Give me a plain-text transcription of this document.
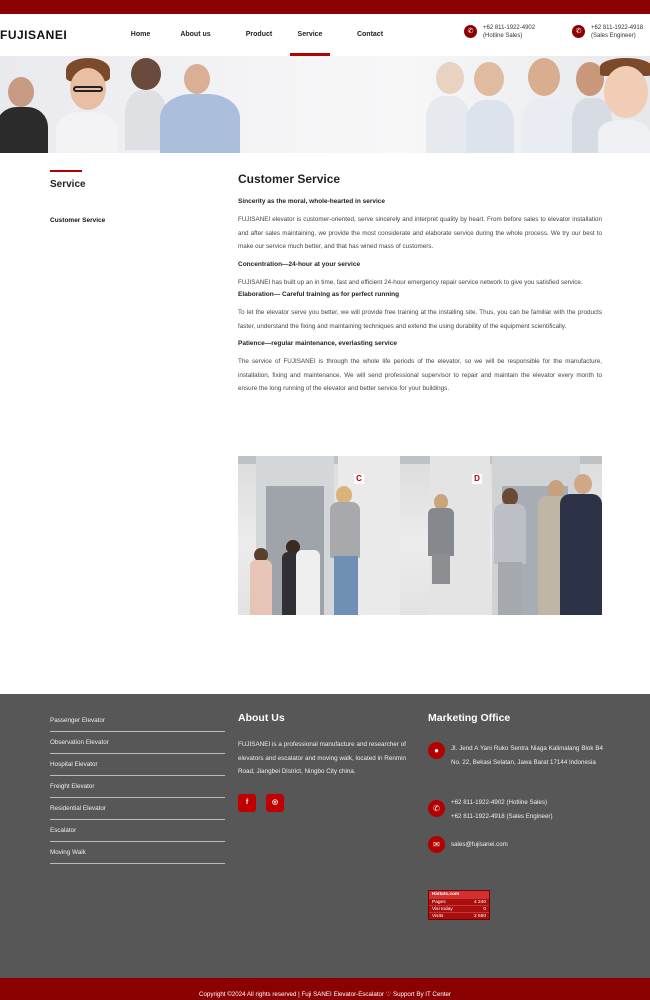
FUJISANEI	Home	About us	Product	Service	Contact	✆	+62 811-1922-4902
(Hotline Sales)
✆	+62 811-1922-4918
(Sales Engineer)
Service
Customer Service
Customer Service
Sincerity as the moral, whole-hearted in service
FUJISANEI elevator is customer-oriented, serve sincerely and interpret quality by heart. From before sales to elevator installation and after sales maintaining, we provide the most considerate and elaborate service during the whole process. We try our best to make our service much better, and that has wined mass of customers.
Concentration—24-hour at your service
FUJISANEI has built up an in time, fast and efficient 24-hour emergency repair service network to give you satisfied service.
Elaboration— Careful training as for perfect running
To let the elevator serve you better, we will provide free training at the installing site. Thus, you can be familiar with the products faster, understand the fixing and maintaining techniques and extend the using durability of the equipment scientifically.
Patience—regular maintenance, everlasting service
The service of FUJISANEI is through the whole life periods of the elevator, so we will be responsible for the manufacture, installation, fixing and maintenance. We will send professional supervisor to repair and maintain the elevator every month to ensure the long running of the elevator and better service for your buildings.
C	D
Passenger Elevator
Observation Elevator
Hospital Elevator
Freight Elevator
Residential Elevator
Escalator
Moving Walk
About Us

FUJISANEI is a professional manufacture and researcher of elevators and escalator and moving walk, located in Renmin Road, Jiangbei District, Ningbo City china.

f	◎
Marketing Office
●	Jl. Jend A Yani Ruko Sentra Niaga Kalimalang Blok B4 No. 22, Bekasi Selatan, Jawa Barat 17144 Indonesia
✆
+62 811-1922-4902 (Hotline Sales)
+62 811-1922-4918 (Sales Engineer)
✉	sales@fujisanei.com
Histats.com
Pages	4 240
Visi today	0
Visits	2 550
Copyright ©2024 All rights reserved | Fuji SANEI Elevator-Escalator ♡ Support By IT Center
